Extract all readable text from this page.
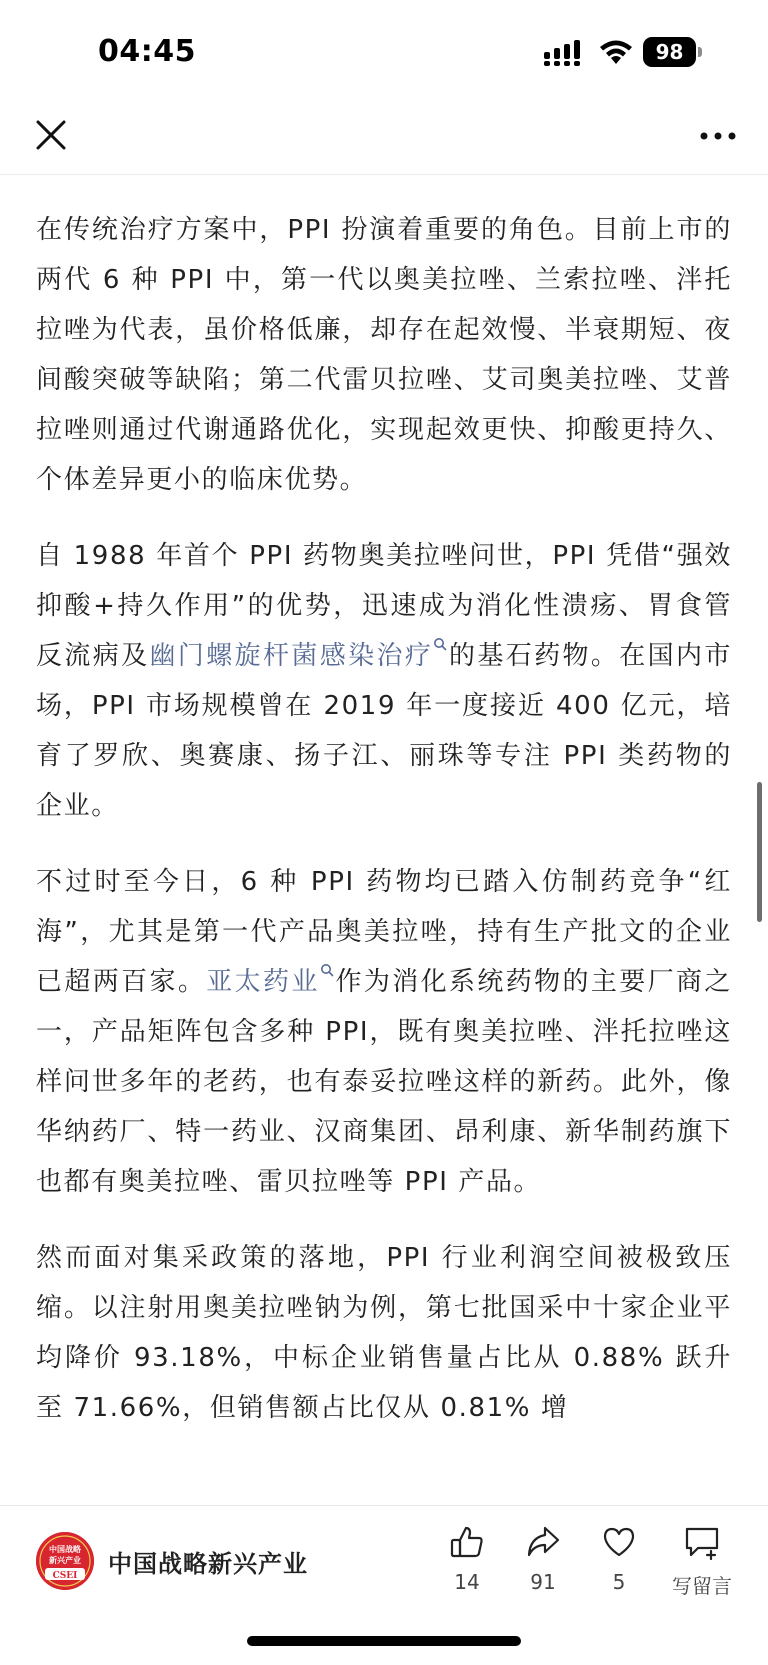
04:45	98

在传统治疗方案中，PPI 扮演着重要的角色。目前上市的两代 6 种 PPI 中，第一代以奥美拉唑、兰索拉唑、泮托拉唑为代表，虽价格低廉，却存在起效慢、半衰期短、夜间酸突破等缺陷；第二代雷贝拉唑、艾司奥美拉唑、艾普拉唑则通过代谢通路优化，实现起效更快、抑酸更持久、个体差异更小的临床优势。

自 1988 年首个 PPI 药物奥美拉唑问世，PPI 凭借“强效抑酸+持久作用”的优势，迅速成为消化性溃疡、胃食管反流病及幽门螺旋杆菌感染治疗 的基石药物。在国内市场，PPI 市场规模曾在 2019 年一度接近 400 亿元，培育了罗欣、奥赛康、扬子江、丽珠等专注 PPI 类药物的企业。

不过时至今日，6 种 PPI 药物均已踏入仿制药竞争“红海”，尤其是第一代产品奥美拉唑，持有生产批文的企业已超两百家。亚太药业 作为消化系统药物的主要厂商之一，产品矩阵包含多种 PPI，既有奥美拉唑、泮托拉唑这样问世多年的老药，也有泰妥拉唑这样的新药。此外，像华纳药厂、特一药业、汉商集团、昂利康、新华制药旗下也都有奥美拉唑、雷贝拉唑等 PPI 产品。

然而面对集采政策的落地，PPI 行业利润空间被极致压缩。以注射用奥美拉唑钠为例，第七批国采中十家企业平均降价 93.18%，中标企业销售量占比从 0.88% 跃升至 71.66%，但销售额占比仅从 0.81% 增

中国战略
新兴产业
CSEI 中国战略新兴产业
14	91	5	写留言
